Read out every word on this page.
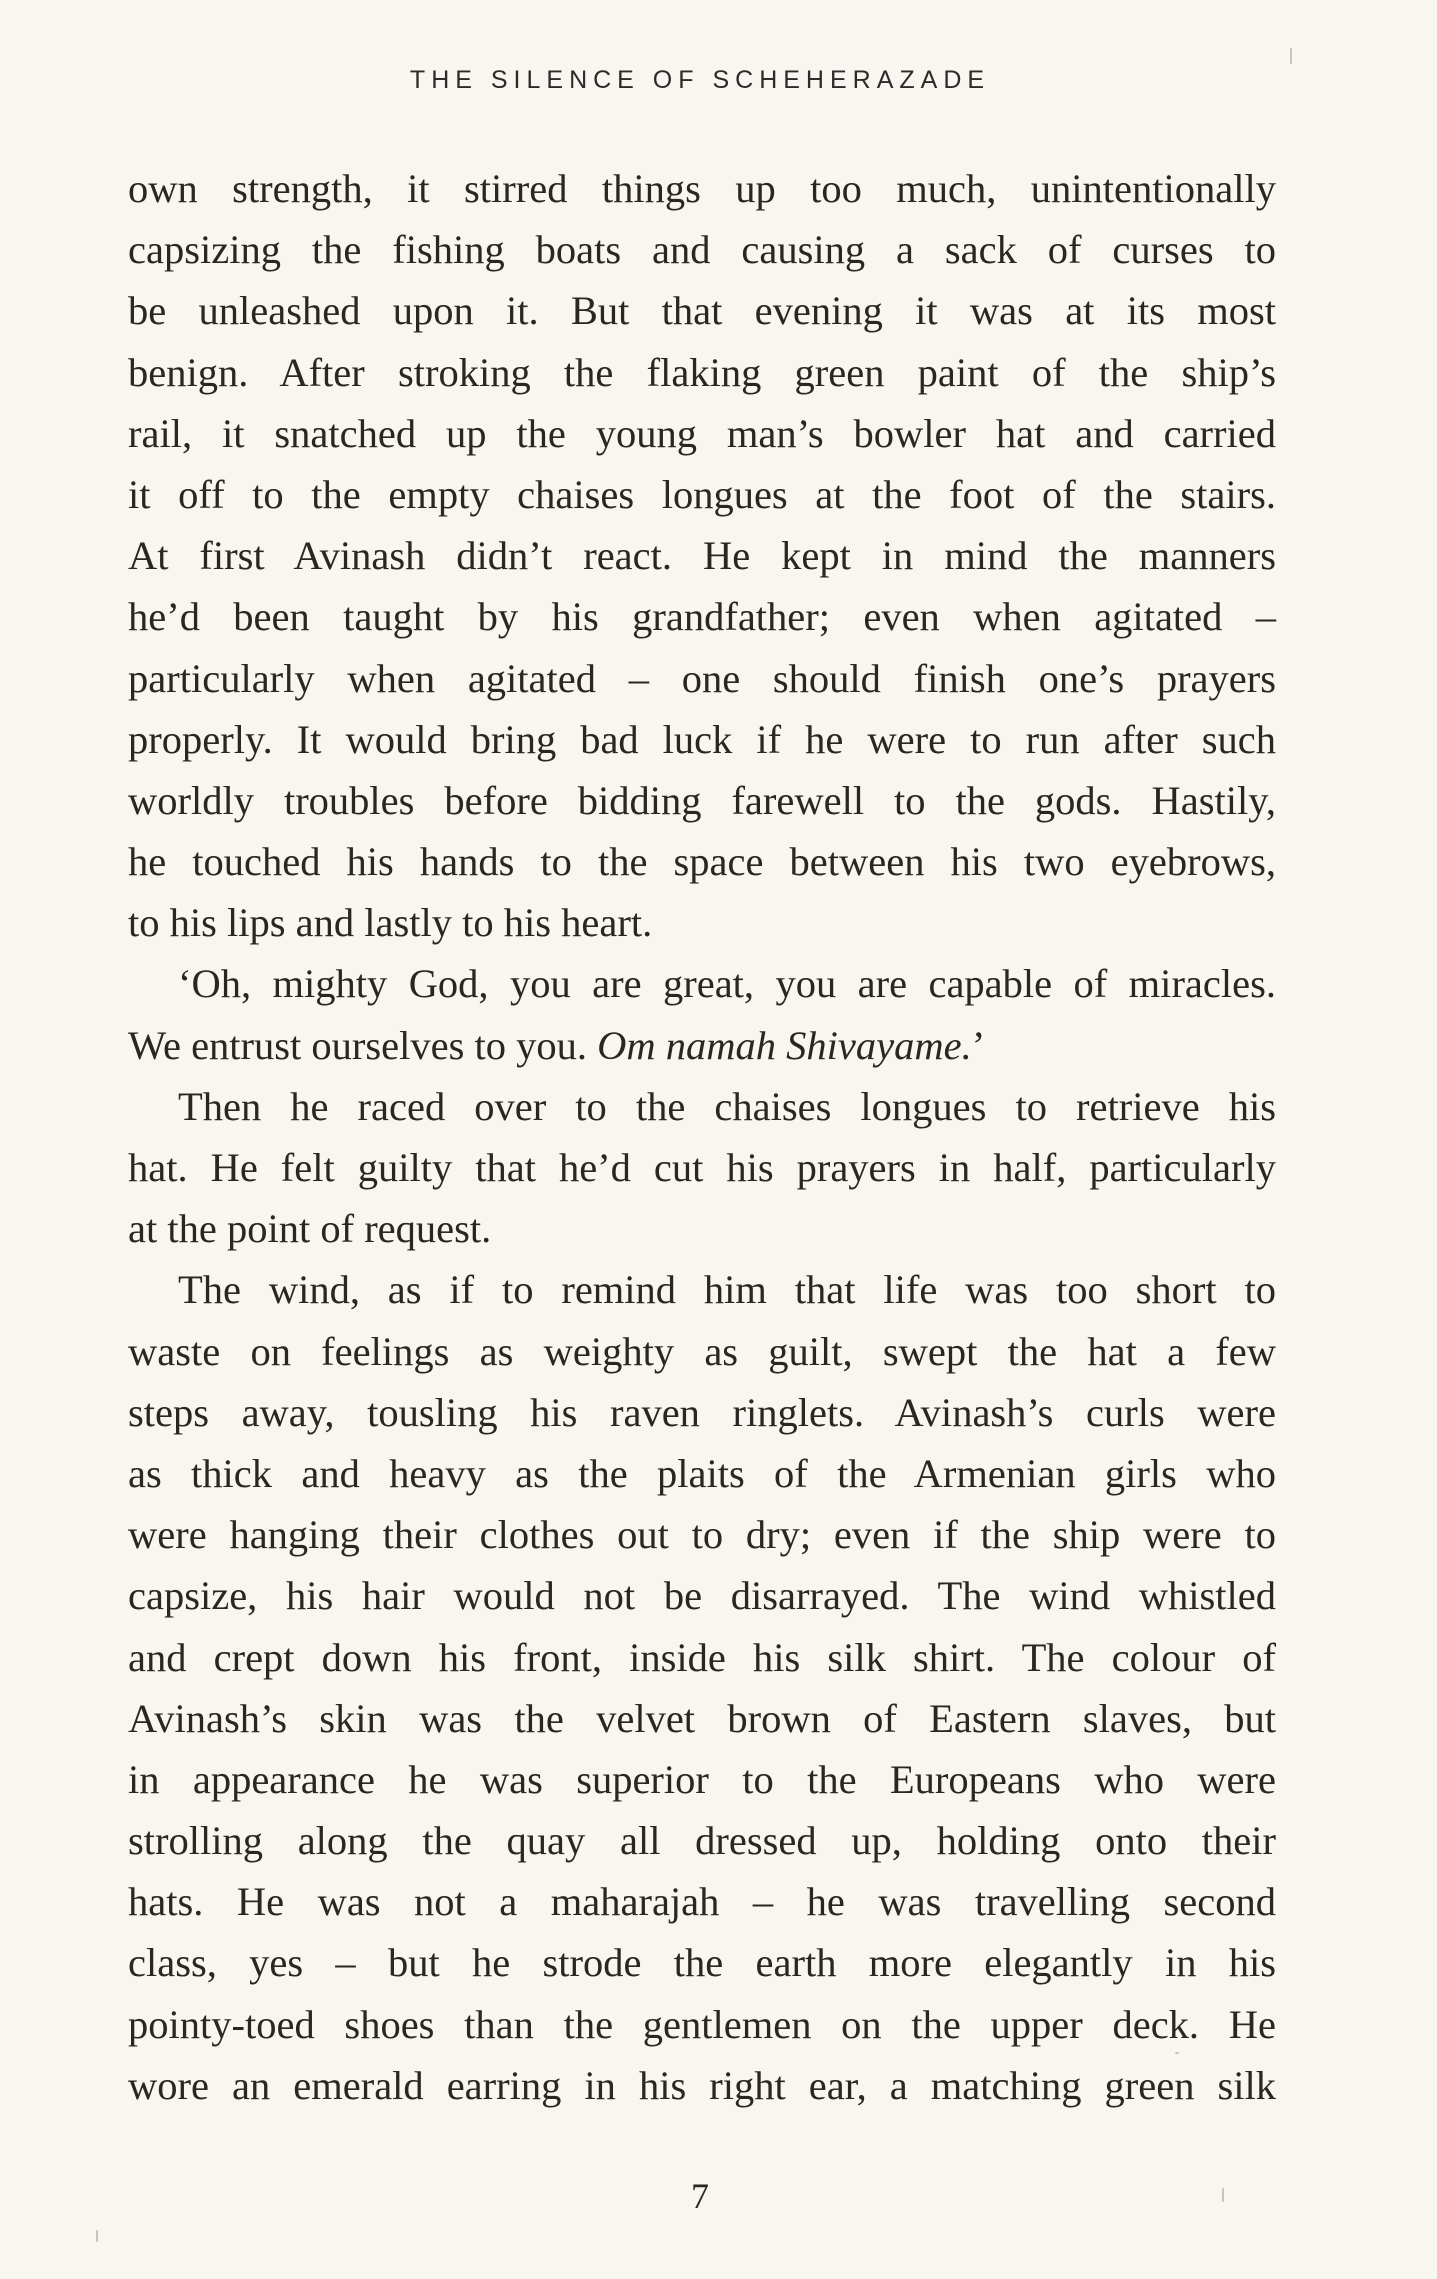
THE SILENCE OF SCHEHERAZADE
own strength, it stirred things up too much, unintentionally
capsizing the fishing boats and causing a sack of curses to
be unleashed upon it. But that evening it was at its most
benign. After stroking the flaking green paint of the ship’s
rail, it snatched up the young man’s bowler hat and carried
it off to the empty chaises longues at the foot of the stairs.
At first Avinash didn’t react. He kept in mind the manners
he’d been taught by his grandfather; even when agitated –
particularly when agitated – one should finish one’s prayers
properly. It would bring bad luck if he were to run after such
worldly troubles before bidding farewell to the gods. Hastily,
he touched his hands to the space between his two eyebrows,
to his lips and lastly to his heart.
‘Oh, mighty God, you are great, you are capable of miracles.
We entrust ourselves to you. Om namah Shivayame.’
Then he raced over to the chaises longues to retrieve his
hat. He felt guilty that he’d cut his prayers in half, particularly
at the point of request.
The wind, as if to remind him that life was too short to
waste on feelings as weighty as guilt, swept the hat a few
steps away, tousling his raven ringlets. Avinash’s curls were
as thick and heavy as the plaits of the Armenian girls who
were hanging their clothes out to dry; even if the ship were to
capsize, his hair would not be disarrayed. The wind whistled
and crept down his front, inside his silk shirt. The colour of
Avinash’s skin was the velvet brown of Eastern slaves, but
in appearance he was superior to the Europeans who were
strolling along the quay all dressed up, holding onto their
hats. He was not a maharajah – he was travelling second
class, yes – but he strode the earth more elegantly in his
pointy-toed shoes than the gentlemen on the upper deck. He
wore an emerald earring in his right ear, a matching green silk
7
